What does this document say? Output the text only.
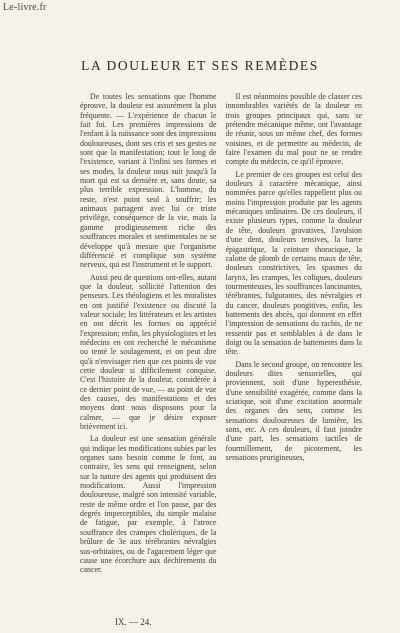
Le-livre.fr
LA DOULEUR ET SES REMÈDES

De toutes les sensations que l'homme éprouve, la douleur est assurément la plus fréquente. — L'expérience de chacun le fait foi. Les premières impressions de l'enfant à la naissance sont des impressions douloureuses, dont ses cris et ses gestes ne sont que la manifestation; tout le long de l'existence, variant à l'infini ses formes et ses modes, la douleur nous suit jusqu'à la mort qui est sa dernière et, sans doute, sa plus terrible expression. L'homme, du reste, n'est point seul à souffrir; les animaux partagent avec lui ce triste privilège, conséquence de la vie, mais la gamme prodigieusement riche des souffrances morales et sentimentales ne se développe qu'à mesure que l'organisme différencié et complique son système nerveux, qui est l'instrument et le support.

Aussi peu de questions ont-elles, autant que la douleur, sollicité l'attention des penseurs. Les théologiens et les moralistes en ont justifié l'existence ou discuté la valeur sociale; les littérateurs et les artistes en ont décrit les formes ou apprécié l'expression; enfin, les physiologistes et les médecins en ont recherché le mécanisme ou tenté le soulagement, et on peut dire qu'à n'envisager rien que ces points de vue cette douleur si difficilement conquise. C'est l'histoire de la douleur, considérée à ce dernier point de vue, — au point de vue des causes, des manifestations et des moyens dont nous disposons pour la calmer, — que je désire exposer brièvement ici.

La douleur est une sensation générale qui indique les modifications subies par les organes sans besoin comme le font, au contraire, les sens qui renseignent, selon sur la nature des agents qui produisent des modifications. Aussi l'impression douloureuse, malgré son intensité variable, reste de même ordre et l'on passe, par des degrés imperceptibles, du simple malaise de fatigue, par exemple, à l'atroce souffrance des crampes cholériques, de la brûlure de 3e aux térébrantes névralgies sus-orbitaires, ou de l'agacement léger que cause une écorchure aux déchirements du cancer.

Il est néanmoins possible de classer ces innombrables variétés de la douleur en trois groupes principaux qui, sans se prétendre mécanique même, ont l'avantage de réunir, sous un même chef, des formes voisines, et de permettre au médecin, de faire l'examen du mal pour ne se rendre compte du médecin, ce qu'il éprouve.

Le premier de ces groupes est celui des douleurs à caractère mécanique, ainsi nommées parce qu'elles rappellent plus ou moins l'impression produite par les agents mécaniques ordinaires. De ces douleurs, il existe plusieurs types, comme la douleur de tête, douleurs gravatives, l'avulsion d'une dent, douleurs tensives, la barre épigastrique, la ceinture thoracique, la calotte de plomb de certains maux de tête, douleurs constrictives, les spasmes du larynx, les crampes, les coliques, douleurs tourmenteuses, les souffrances lancinantes, térébrantes, fulgurantes, des névralgies et du cancer, douleurs pongitives, enfin, les battements des abcès, qui donnent en effet l'impression de sensations du rachis, de ne ressentir pas et semblables à de dans le doigt ou la sensation de battements dans la tête.

Dans le second groupe, on rencontre les douleurs dites sensorielles, qui proviennent, soit d'une hyperesthésie, d'une sensibilité exagérée, comme dans la sciatique, soit d'une excitation anormale des organes des sens, comme les sensations douloureuses de lumière, les sons, etc. A ces douleurs, il faut joindre d'une part, les sensations tactiles de fourmillement, de picotement, les sensations prurigineuses,

IX. — 24.
